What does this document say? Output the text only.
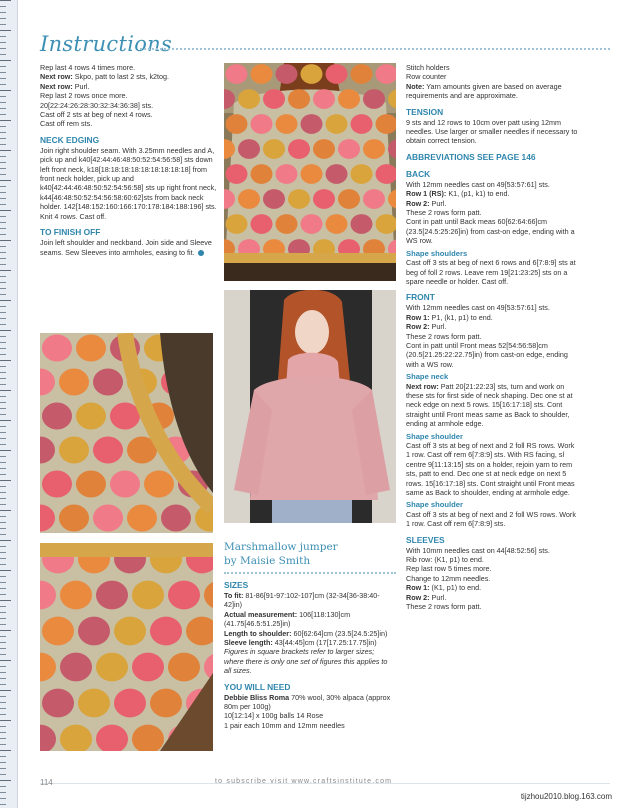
Instructions

Rep last 4 rows 4 times more.
Next row: Skpo, patt to last 2 sts, k2tog.
Next row: Purl.
Rep last 2 rows once more.
20[22:24:26:28:30:32:34:36:38] sts.
Cast off 2 sts at beg of next 4 rows.
Cast off rem sts.

NECK EDGING

Join right shoulder seam. With 3.25mm needles and A, pick up and k40[42:44:46:48:50:52:54:56:58] sts down left front neck, k18[18:18:18:18:18:18:18:18:18] from front neck holder, pick up and k40[42:44:46:48:50:52:54:56:58] sts up right front neck, k44[46:48:50:52:54:56:58:60:62]sts from back neck holder. 142[148:152:160:166:170:178:184:188:196] sts. Knit 4 rows. Cast off.

TO FINISH OFF

Join left shoulder and neckband. Join side and Sleeve seams. Sew Sleeves into armholes, easing to fit.

Marshmallow jumper
by Maisie Smith

SIZES

To fit: 81-86[91-97:102-107]cm (32-34[36-38:40-42]in)

Actual measurement: 106[118:130]cm (41.75[46.5:51.25]in)

Length to shoulder: 60[62:64]cm (23.5[24.5:25]in)

Sleeve length: 43[44:45]cm (17[17.25:17.75]in)

Figures in square brackets refer to larger sizes; where there is only one set of figures this applies to all sizes.

YOU WILL NEED

Debbie Bliss Roma 70% wool, 30% alpaca (approx 80m per 100g)

10[12:14] x 100g balls 14 Rose

1 pair each 10mm and 12mm needles

Stitch holders

Row counter

Note: Yarn amounts given are based on average requirements and are approximate.

TENSION

9 sts and 12 rows to 10cm over patt using 12mm needles. Use larger or smaller needles if necessary to obtain correct tension.

ABBREVIATIONS SEE PAGE 146

BACK

With 12mm needles cast on 49[53:57:61] sts.

Row 1 (RS): K1, (p1, k1) to end.

Row 2: Purl.

These 2 rows form patt.

Cont in patt until Back meas 60[62:64:66]cm (23.5[24.5:25:26]in) from cast-on edge, ending with a WS row.

Shape shoulders

Cast off 3 sts at beg of next 6 rows and 6[7:8:9] sts at beg of foll 2 rows. Leave rem 19[21:23:25] sts on a spare needle or holder. Cast off.

FRONT

With 12mm needles cast on 49[53:57:61] sts.

Row 1: P1, (k1, p1) to end.

Row 2: Purl.

These 2 rows form patt.

Cont in patt until Front meas 52[54:56:58]cm (20.5[21.25:22:22.75]in) from cast-on edge, ending with a WS row.

Shape neck

Next row: Patt 20[21:22:23] sts, turn and work on these sts for first side of neck shaping. Dec one st at neck edge on next 5 rows. 15[16:17:18] sts. Cont straight until Front meas same as Back to shoulder, ending at armhole edge.

Shape shoulder

Cast off 3 sts at beg of next and 2 foll RS rows. Work 1 row. Cast off rem 6[7:8:9] sts. With RS facing, sl centre 9[11:13:15] sts on a holder, rejoin yarn to rem sts, patt to end. Dec one st at neck edge on next 5 rows. 15[16:17:18] sts. Cont straight until Front meas same as Back to shoulder, ending at armhole edge.

Shape shoulder

Cast off 3 sts at beg of next and 2 foll WS rows. Work 1 row. Cast off rem 6[7:8:9] sts.

SLEEVES

With 10mm needles cast on 44[48:52:56] sts.

Rib row: (K1, p1) to end.

Rep last row 5 times more.

Change to 12mm needles.

Row 1: (K1, p1) to end.

Row 2: Purl.

These 2 rows form patt.

114	to subscribe visit www.craftsinstitute.com
tijzhou2010.blog.163.com
